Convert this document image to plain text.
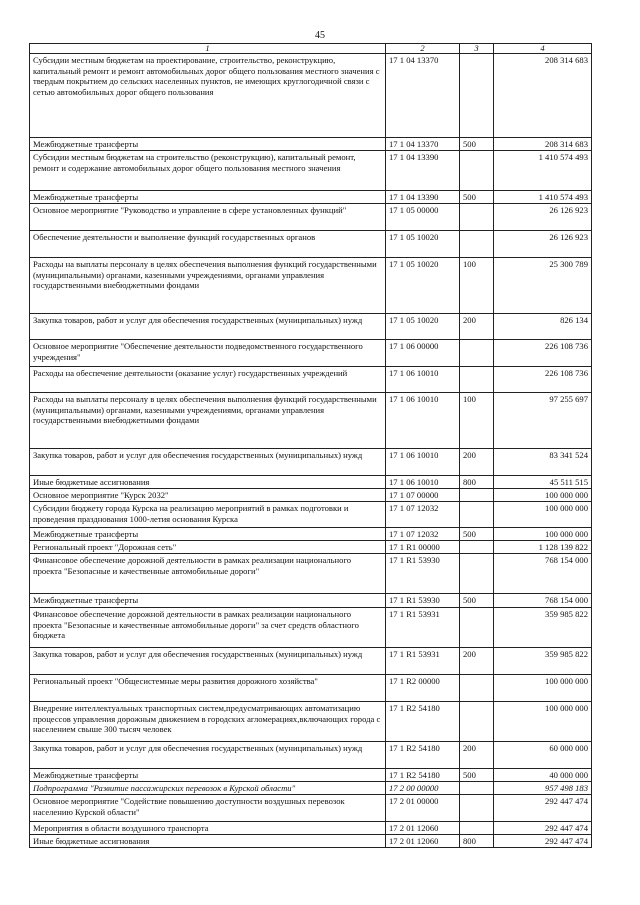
45
1	2	3	4
Субсидии местным бюджетам на проектирование, строительство, реконструкцию, капитальный ремонт и ремонт автомобильных дорог общего пользования местного значения с твердым покрытием до сельских населенных пунктов, не имеющих круглогодичной связи с сетью автомобильных дорог общего пользования	17 1 04 13370		208 314 683
Межбюджетные трансферты	17 1 04 13370	500	208 314 683
Субсидии местным бюджетам на строительство (реконструкцию), капитальный ремонт, ремонт и содержание автомобильных дорог общего пользования местного значения	17 1 04 13390		1 410 574 493
Межбюджетные трансферты	17 1 04 13390	500	1 410 574 493
Основное мероприятие "Руководство и управление в сфере установленных функций"	17 1 05 00000		26 126 923
Обеспечение деятельности и выполнение функций государственных органов	17 1 05 10020		26 126 923
Расходы на выплаты персоналу в целях обеспечения выполнения функций государственными (муниципальными) органами, казенными учреждениями, органами управления государственными внебюджетными фондами	17 1 05 10020	100	25 300 789
Закупка товаров, работ и услуг для обеспечения государственных (муниципальных) нужд	17 1 05 10020	200	826 134
Основное мероприятие "Обеспечение деятельности подведомственного государственного учреждения"	17 1 06 00000		226 108 736
Расходы на обеспечение деятельности (оказание услуг) государственных учреждений	17 1 06 10010		226 108 736
Расходы на выплаты персоналу в целях обеспечения выполнения функций государственными (муниципальными) органами, казенными учреждениями, органами управления государственными внебюджетными фондами	17 1 06 10010	100	97 255 697
Закупка товаров, работ и услуг для обеспечения государственных (муниципальных) нужд	17 1 06 10010	200	83 341 524
Иные бюджетные ассигнования	17 1 06 10010	800	45 511 515
Основное мероприятие "Курск 2032"	17 1 07 00000		100 000 000
Субсидии бюджету города Курска на реализацию мероприятий в рамках подготовки и проведения празднования 1000-летия основания Курска	17 1 07 12032		100 000 000
Межбюджетные трансферты	17 1 07 12032	500	100 000 000
Региональный проект "Дорожная сеть"	17 1 R1 00000		1 128 139 822
Финансовое обеспечение дорожной деятельности в рамках реализации национального проекта "Безопасные и качественные автомобильные дороги"	17 1 R1 53930		768 154 000
Межбюджетные трансферты	17 1 R1 53930	500	768 154 000
Финансовое обеспечение дорожной деятельности в рамках реализации национального проекта "Безопасные и качественные автомобильные дороги" за счет средств областного бюджета	17 1 R1 53931		359 985 822
Закупка товаров, работ и услуг для обеспечения государственных (муниципальных) нужд	17 1 R1 53931	200	359 985 822
Региональный проект "Общесистемные меры развития дорожного хозяйства"	17 1 R2 00000		100 000 000
Внедрение интеллектуальных транспортных систем,предусматривающих автоматизацию процессов управления дорожным движением в городских агломерациях,включающих города с населением свыше 300 тысяч человек	17 1 R2 54180		100 000 000
Закупка товаров, работ и услуг для обеспечения государственных (муниципальных) нужд	17 1 R2 54180	200	60 000 000
Межбюджетные трансферты	17 1 R2 54180	500	40 000 000
Подпрограмма "Развитие пассажирских перевозок в Курской области"	17 2 00 00000		957 498 183
Основное мероприятие "Содействие повышению доступности воздушных перевозок населению Курской области"	17 2 01 00000		292 447 474
Мероприятия в области воздушного транспорта	17 2 01 12060		292 447 474
Иные бюджетные ассигнования	17 2 01 12060	800	292 447 474
